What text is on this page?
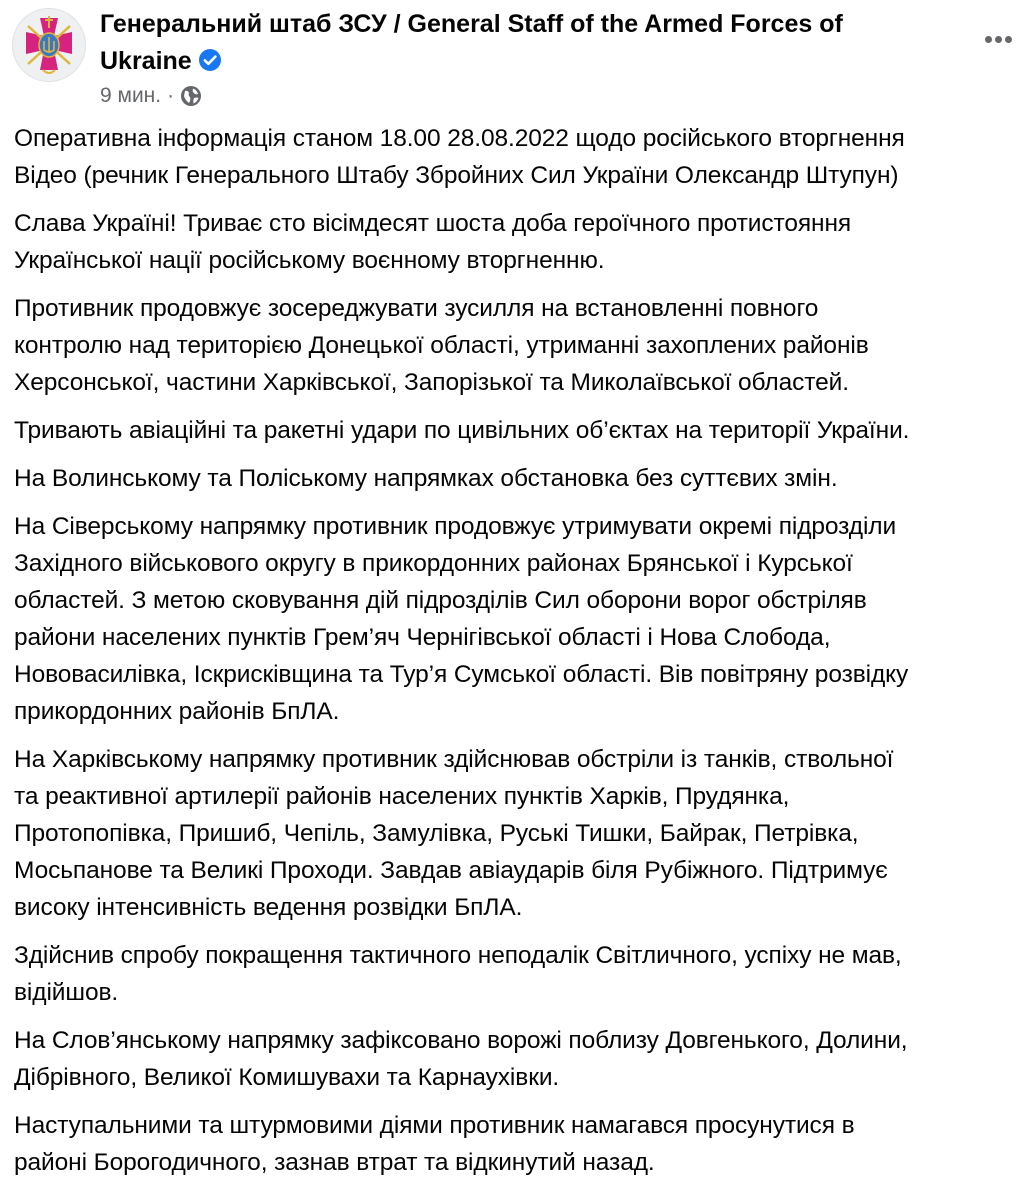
Генеральний штаб ЗСУ / General Staff of the Armed Forces of
Ukraine
9 мин. ·

Оперативна інформація станом 18.00 28.08.2022 щодо російського вторгнення
Відео (речник Генерального Штабу Збройних Сил України Олександр Штупун)

Слава Україні! Триває сто вісімдесят шоста доба героїчного протистояння
Української нації російському воєнному вторгненню.

Противник продовжує зосереджувати зусилля на встановленні повного
контролю над територією Донецької області, утриманні захоплених районів
Херсонської, частини Харківської, Запорізької та Миколаївської областей.

Тривають авіаційні та ракетні удари по цивільних об’єктах на території України.

На Волинському та Поліському напрямках обстановка без суттєвих змін.

На Сіверському напрямку противник продовжує утримувати окремі підрозділи
Західного військового округу в прикордонних районах Брянської і Курської
областей. З метою сковування дій підрозділів Сил оборони ворог обстріляв
райони населених пунктів Грем’яч Чернігівської області і Нова Слобода,
Нововасилівка, Іскрисківщина та Тур’я Сумської області. Вів повітряну розвідку
прикордонних районів БпЛА.

На Харківському напрямку противник здійснював обстріли із танків, ствольної
та реактивної артилерії районів населених пунктів Харків, Прудянка,
Протопопівка, Пришиб, Чепіль, Замулівка, Руські Тишки, Байрак, Петрівка,
Мосьпанове та Великі Проходи. Завдав авіаударів біля Рубіжного. Підтримує
високу інтенсивність ведення розвідки БпЛА.

Здійснив спробу покращення тактичного неподалік Світличного, успіху не мав,
відійшов.

На Слов’янському напрямку зафіксовано ворожі поблизу Довгенького, Долини,
Дібрівного, Великої Комишувахи та Карнаухівки.

Наступальними та штурмовими діями противник намагався просунутися в
районі Борогодичного, зазнав втрат та відкинутий назад.
